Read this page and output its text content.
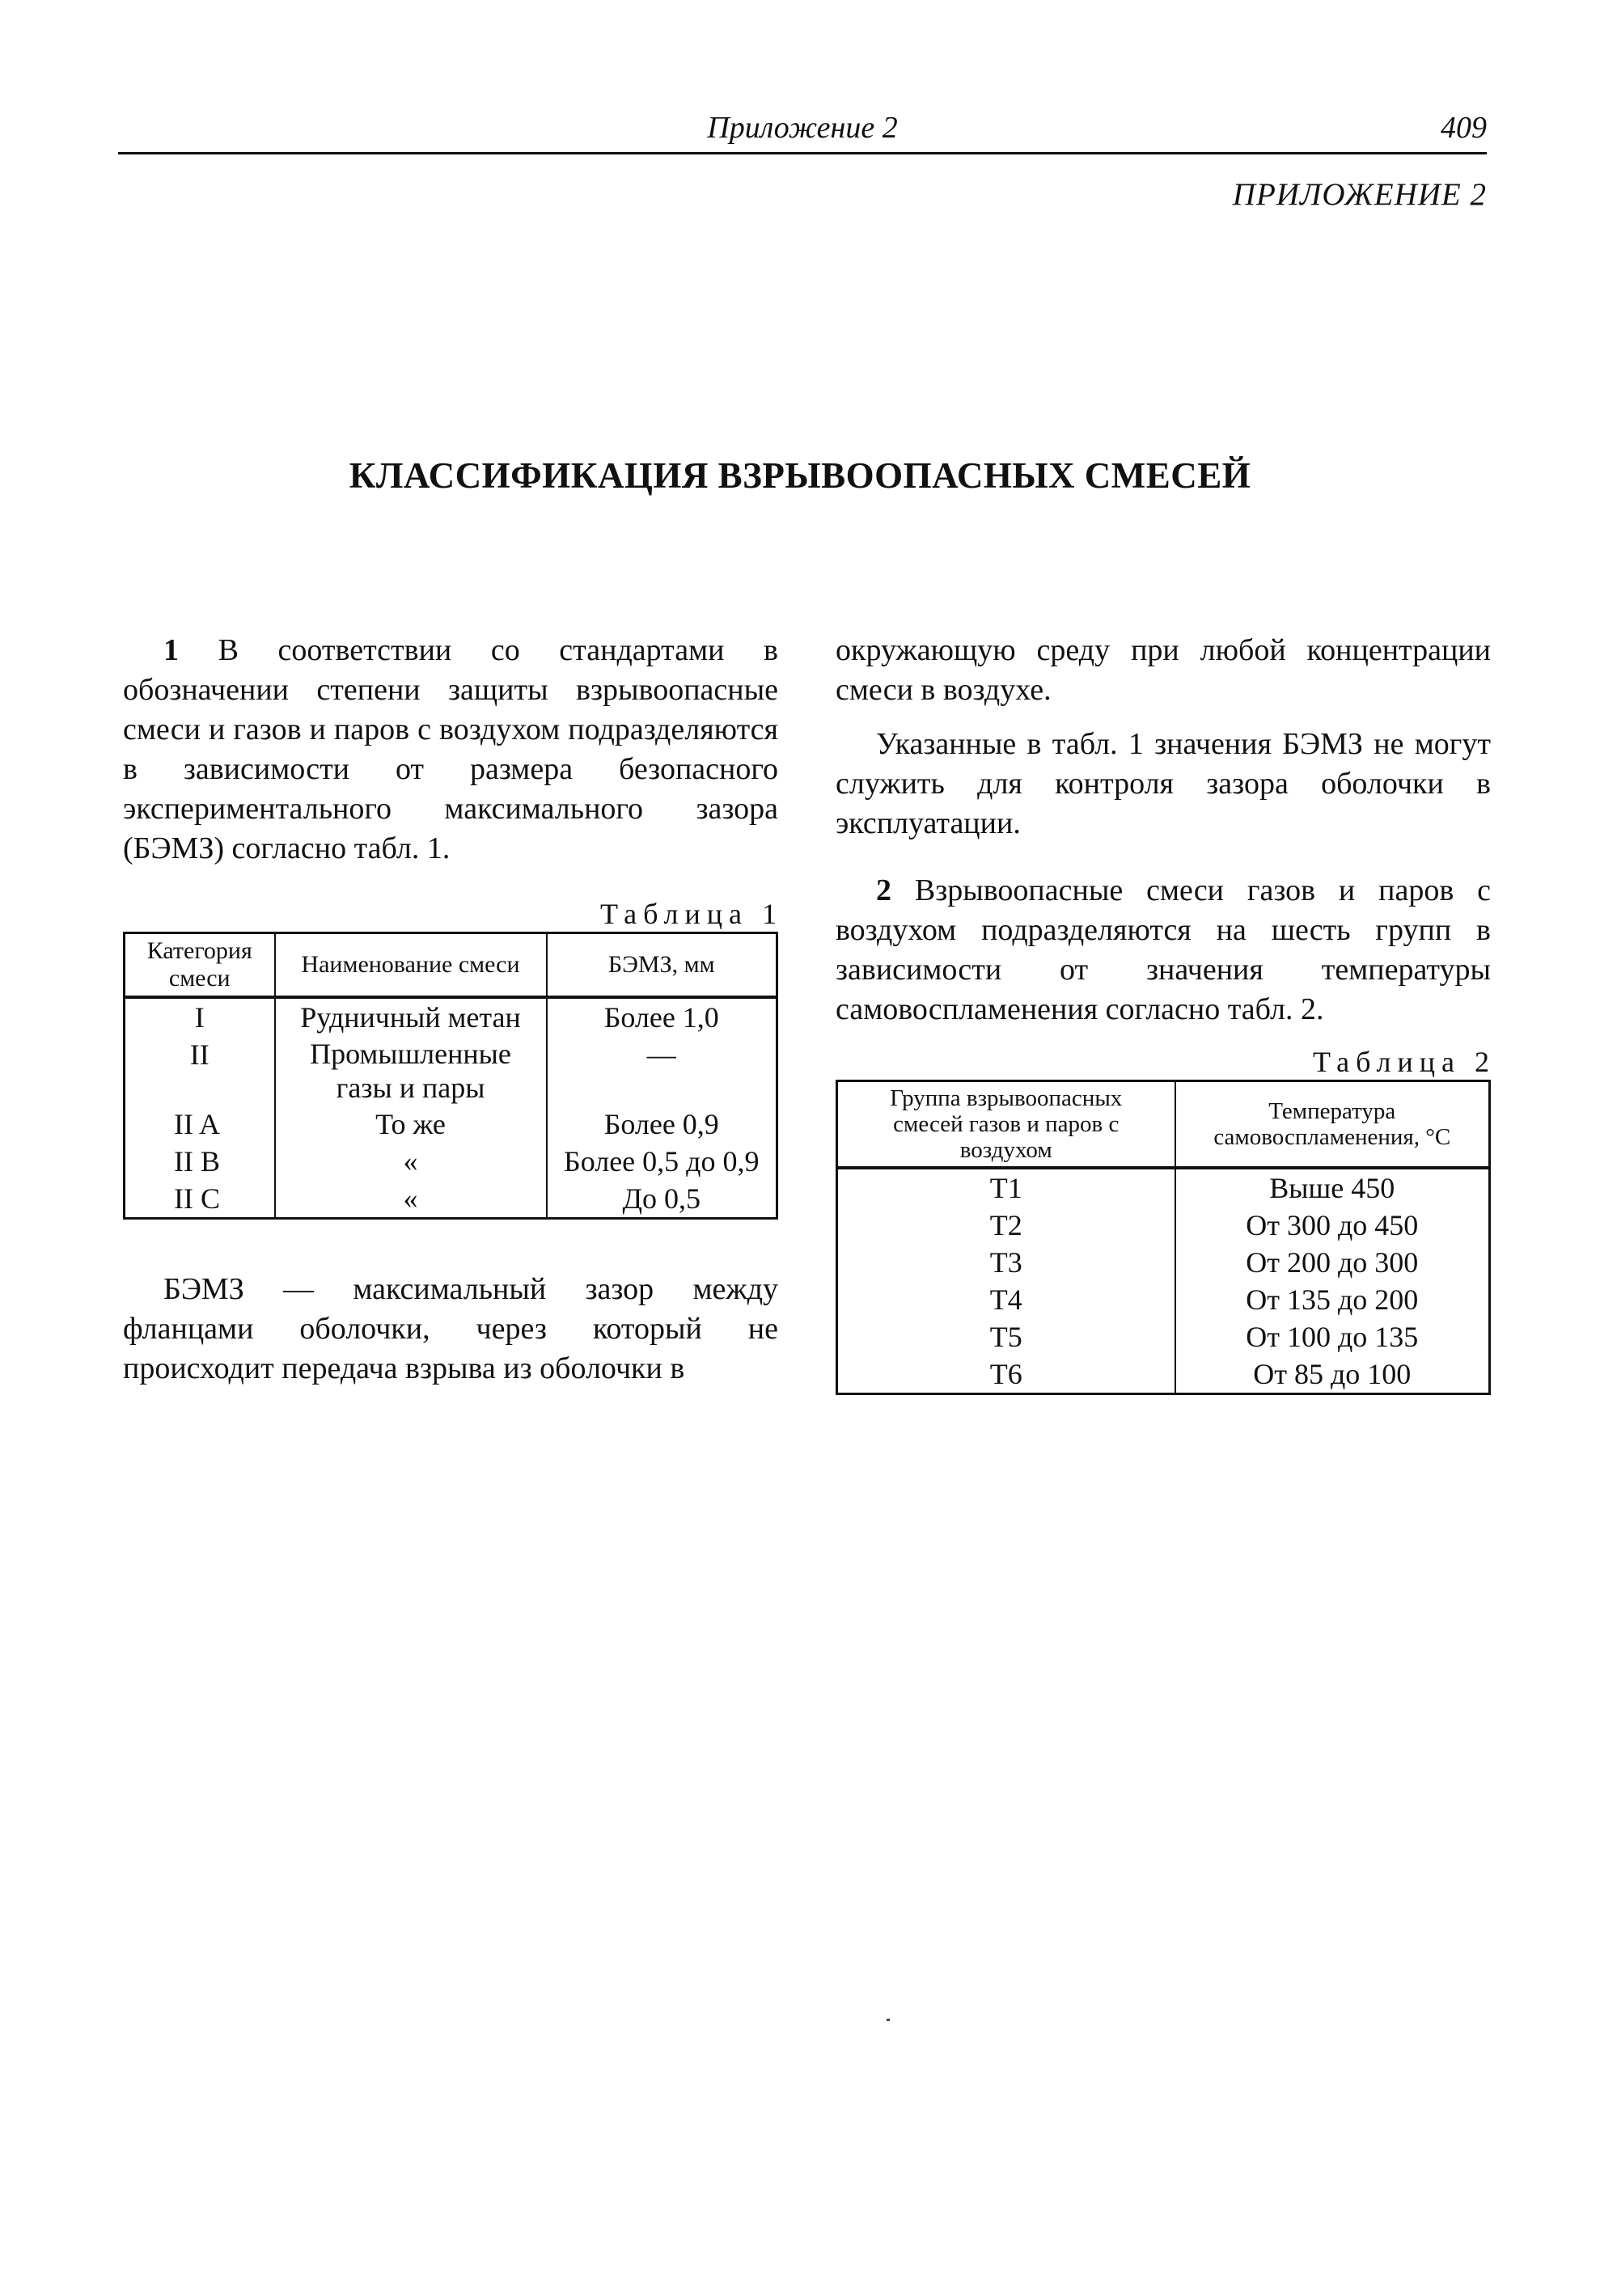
Приложение 2	409
ПРИЛОЖЕНИЕ 2
КЛАССИФИКАЦИЯ ВЗРЫВООПАСНЫХ СМЕСЕЙ

1 В соответствии со стандартами в обозначении степени защиты взрывоопасные смеси и газов и паров с воздухом подразделяются в зависимости от размера безопасного экспериментального максимального зазора (БЭМЗ) согласно табл. 1.

Таблица 1
Категория смеси	Наименование смеси	БЭМЗ, мм
I	Рудничный метан	Более 1,0
II	Промышленные газы и пары	—
II A	То же	Более 0,9
II B	«	Более 0,5 до 0,9
II C	«	До 0,5

БЭМЗ — максимальный зазор между фланцами оболочки, через который не происходит передача взрыва из оболочки в

окружающую среду при любой концентрации смеси в воздухе.

Указанные в табл. 1 значения БЭМЗ не могут служить для контроля зазора оболочки в эксплуатации.

2 Взрывоопасные смеси газов и паров с воздухом подразделяются на шесть групп в зависимости от значения температуры самовоспламенения согласно табл. 2.

Таблица 2
Группа взрывоопасных смесей газов и паров с воздухом	Температура самовоспламенения, °С
T1	Выше 450
T2	От 300 до 450
T3	От 200 до 300
T4	От 135 до 200
T5	От 100 до 135
T6	От 85 до 100
